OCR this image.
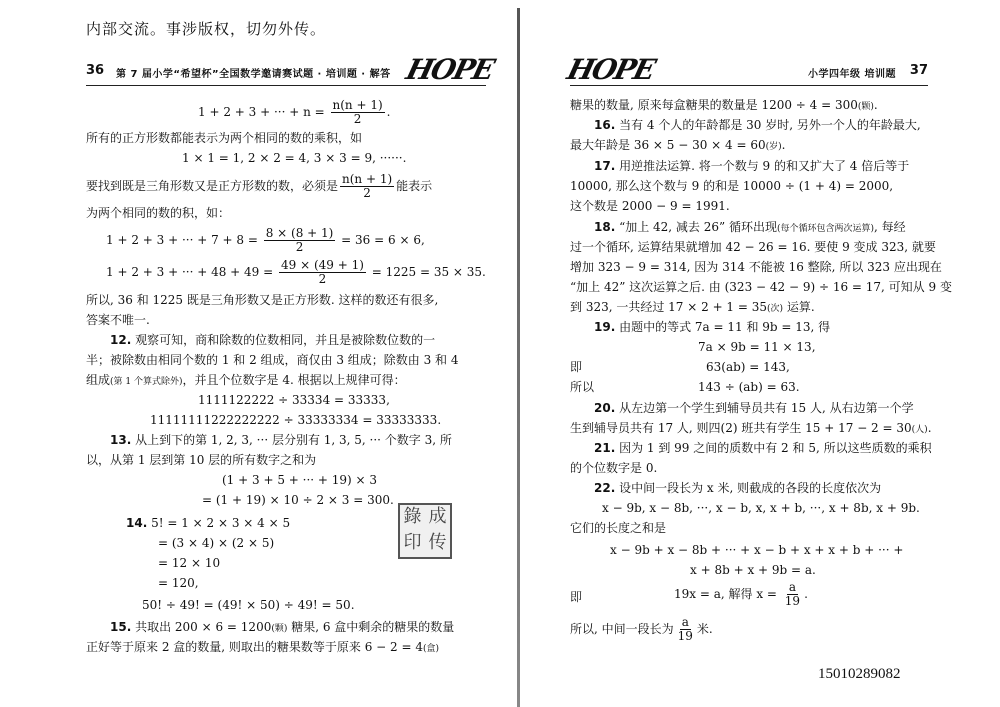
内部交流。事涉版权，切勿外传。
36 第 7 届小学“希望杯”全国数学邀请赛试题 · 培训题 · 解答 HOPE
1 + 2 + 3 + ··· + $n = \frac{n(n + 1)}{2}$ .
所有的正方形数都能表示为两个相同的数的乘积，如
1 × 1 = 1, 2 × 2 = 4, 3 × 3 = 9, ······.
要找到既是三角形数又是正方形数的数，必须是 $\frac{n(n + 1)}{2}$ 能表示
为两个相同的数的积，如：
1 + 2 + 3 + ··· + $7 + 8 = \frac{8 \times (8 + 1)}{2} = 36 = 6 \times 6$,
1 + 2 + 3 + ··· + $48 + 49 = \frac{49 \times (49 + 1)}{2} = 1225 = 35 \times 35$.
所以, 36 和 1225 既是三角形数又是正方形数. 这样的数还有很多,
答案不唯一.
12. 观察可知，商和除数的位数相同，并且是被除数位数的一
半；被除数由相同个数的 1 和 2 组成，商仅由 3 组成；除数由 3 和 4
组成(第 1 个算式除外)，并且个位数字是 4. 根据以上规律可得：
1111122222 ÷ 33334 = 33333,
11111111222222222 ÷ 33333334 = 33333333.
13. 从上到下的第 1, 2, 3, ··· 层分别有 1, 3, 5, ··· 个数字 3, 所
以，从第 1 层到第 10 层的所有数字之和为
(1 + 3 + 5 + ··· + 19) × 3
= (1 + 19) × 10 ÷ 2 × 3 = 300.
14. 5! = 1 × 2 × 3 × 4 × 5
= (3 × 4) × (2 × 5)
= 12 × 10
= 120,
50! ÷ 49! = (49! × 50) ÷ 49! = 50.
15. 共取出 200 × 6 = 1200(颗) 糖果, 6 盒中剩余的糖果的数量
正好等于原来 2 盒的数量, 则取出的糖果数等于原来 6 − 2 = 4(盒)
錄 成
印 传
HOPE	小学四年级 培训题 37
糖果的数量, 原来每盒糖果的数量是 1200 ÷ 4 = 300(颗).
16. 当有 4 个人的年龄都是 30 岁时, 另外一个人的年龄最大,
最大年龄是 36 × 5 − 30 × 4 = 60(岁).
17. 用逆推法运算. 将一个数与 9 的和又扩大了 4 倍后等于
10000, 那么这个数与 9 的和是 10000 ÷ (1 + 4) = 2000,
这个数是 2000 − 9 = 1991.
18. “加上 42, 减去 26” 循环出现(每个循环包含两次运算), 每经
过一个循环, 运算结果就增加 42 − 26 = 16. 要使 9 变成 323, 就要
增加 323 − 9 = 314, 因为 314 不能被 16 整除, 所以 323 应出现在
“加上 42” 这次运算之后. 由 (323 − 42 − 9) ÷ 16 = 17, 可知从 9 变
到 323, 一共经过 17 × 2 + 1 = 35(次) 运算.
19. 由题中的等式 7a = 11 和 9b = 13, 得
7a × 9b = 11 × 13,
即	63(ab) = 143,
所以	143 ÷ (ab) = 63.
20. 从左边第一个学生到辅导员共有 15 人, 从右边第一个学
生到辅导员共有 17 人, 则四(2) 班共有学生 15 + 17 − 2 = 30(人).
21. 因为 1 到 99 之间的质数中有 2 和 5, 所以这些质数的乘积
的个位数字是 0.
22. 设中间一段长为 x 米, 则截成的各段的长度依次为
x − 9b, x − 8b, ···, x − b, x, x + b, ···, x + 8b, x + 9b.
它们的长度之和是
x − 9b + x − 8b + ··· + x − b + x + x + b + ··· +
x + 8b + x + 9b = a.
即	19x = a, 解得 $x = \frac{a}{19}$ .
所以, 中间一段长为 $\frac{a}{19}$ 米.
15010289082
